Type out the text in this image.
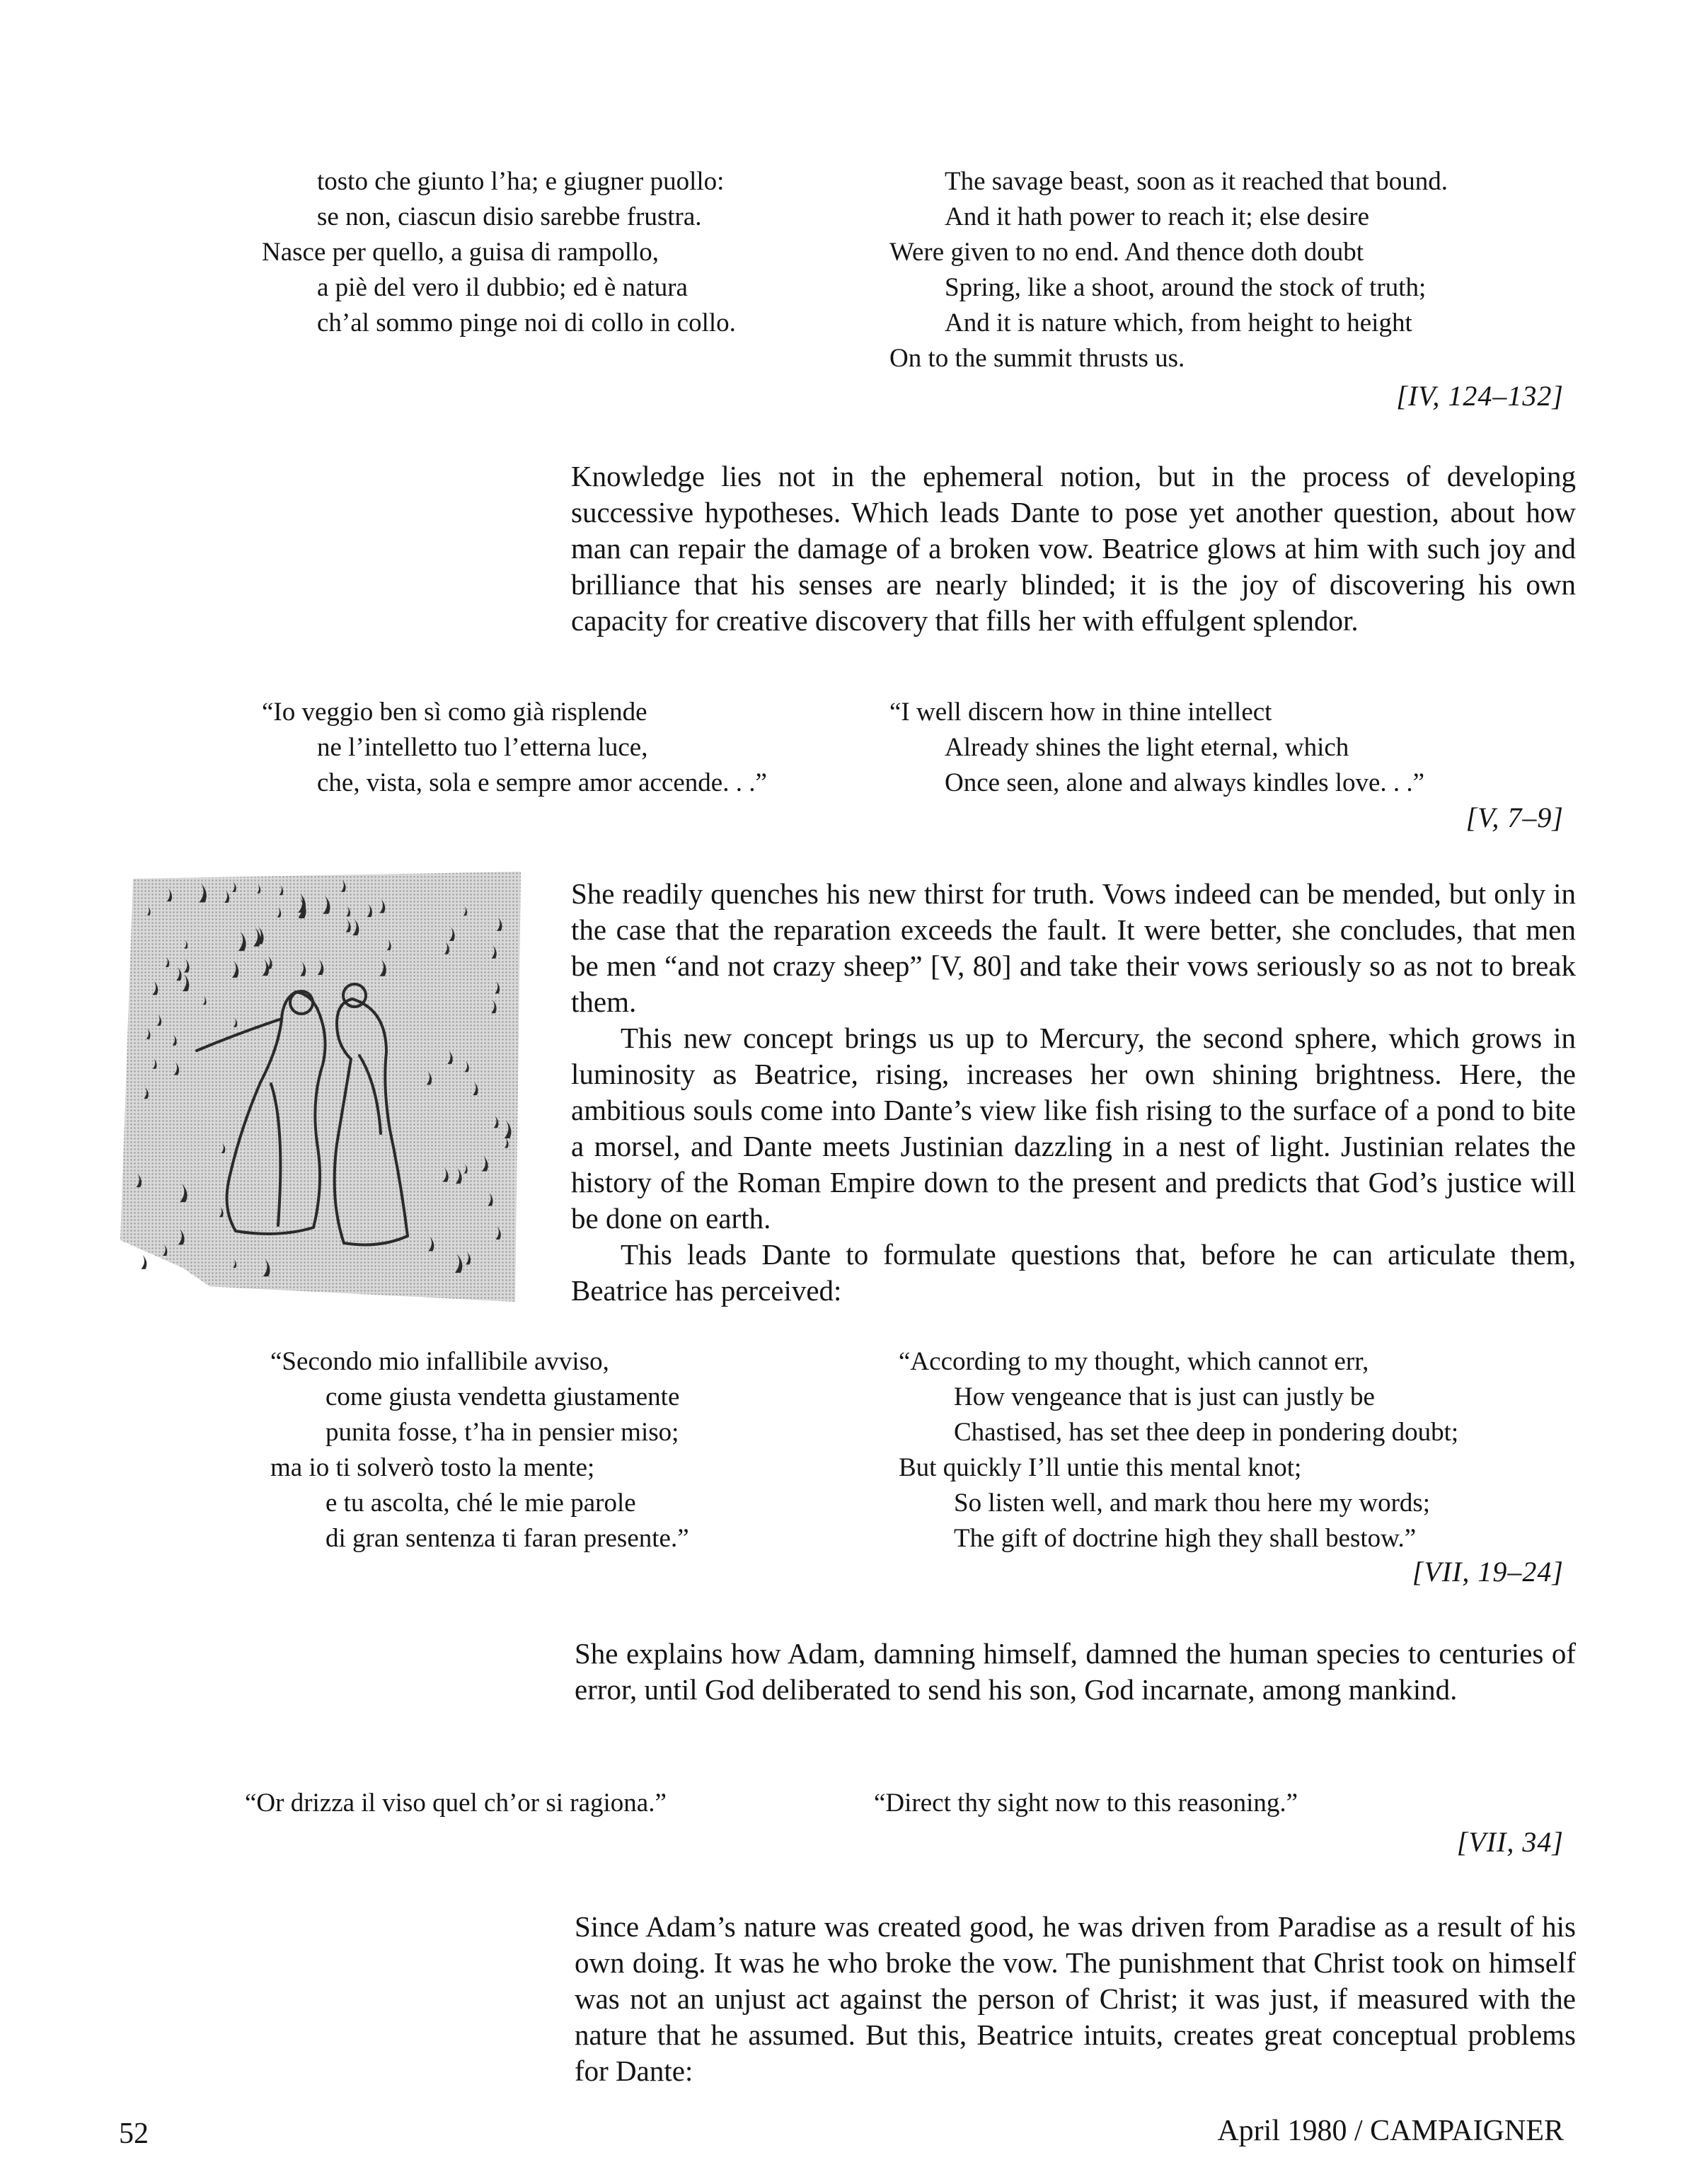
tosto che giunto l’ha; e giugner puollo:
se non, ciascun disio sarebbe frustra.
Nasce per quello, a guisa di rampollo,
a piè del vero il dubbio; ed è natura
ch’al sommo pinge noi di collo in collo.
The savage beast, soon as it reached that bound.
And it hath power to reach it; else desire
Were given to no end. And thence doth doubt
Spring, like a shoot, around the stock of truth;
And it is nature which, from height to height
On to the summit thrusts us.
[IV, 124–132]

Knowledge lies not in the ephemeral notion, but in the process of developing successive hypotheses. Which leads Dante to pose yet another question, about how man can repair the damage of a broken vow. Beatrice glows at him with such joy and brilliance that his senses are nearly blinded; it is the joy of discovering his own capacity for creative discovery that fills her with effulgent splendor.

“Io veggio ben sì como già risplende
ne l’intelletto tuo l’etterna luce,
che, vista, sola e sempre amor accende. . .”
“I well discern how in thine intellect
Already shines the light eternal, which
Once seen, alone and always kindles love. . .”
[V, 7–9]

She readily quenches his new thirst for truth. Vows indeed can be mended, but only in the case that the reparation exceeds the fault. It were better, she concludes, that men be men “and not crazy sheep” [V, 80] and take their vows seriously so as not to break them.

This new concept brings us up to Mercury, the second sphere, which grows in luminosity as Beatrice, rising, increases her own shining brightness. Here, the ambitious souls come into Dante’s view like fish rising to the surface of a pond to bite a morsel, and Dante meets Justinian dazzling in a nest of light. Justinian relates the history of the Roman Empire down to the present and predicts that God’s justice will be done on earth.

This leads Dante to formulate questions that, before he can articulate them, Beatrice has perceived:

“Secondo mio infallibile avviso,
come giusta vendetta giustamente
punita fosse, t’ha in pensier miso;
ma io ti solverò tosto la mente;
e tu ascolta, ché le mie parole
di gran sentenza ti faran presente.”
“According to my thought, which cannot err,
How vengeance that is just can justly be
Chastised, has set thee deep in pondering doubt;
But quickly I’ll untie this mental knot;
So listen well, and mark thou here my words;
The gift of doctrine high they shall bestow.”
[VII, 19–24]

She explains how Adam, damning himself, damned the human species to centuries of error, until God deliberated to send his son, God incarnate, among mankind.

“Or drizza il viso quel ch’or si ragiona.”	“Direct thy sight now to this reasoning.”
[VII, 34]

Since Adam’s nature was created good, he was driven from Paradise as a result of his own doing. It was he who broke the vow. The punishment that Christ took on himself was not an unjust act against the person of Christ; it was just, if measured with the nature that he assumed. But this, Beatrice intuits, creates great conceptual problems for Dante:

52	April 1980 / CAMPAIGNER
